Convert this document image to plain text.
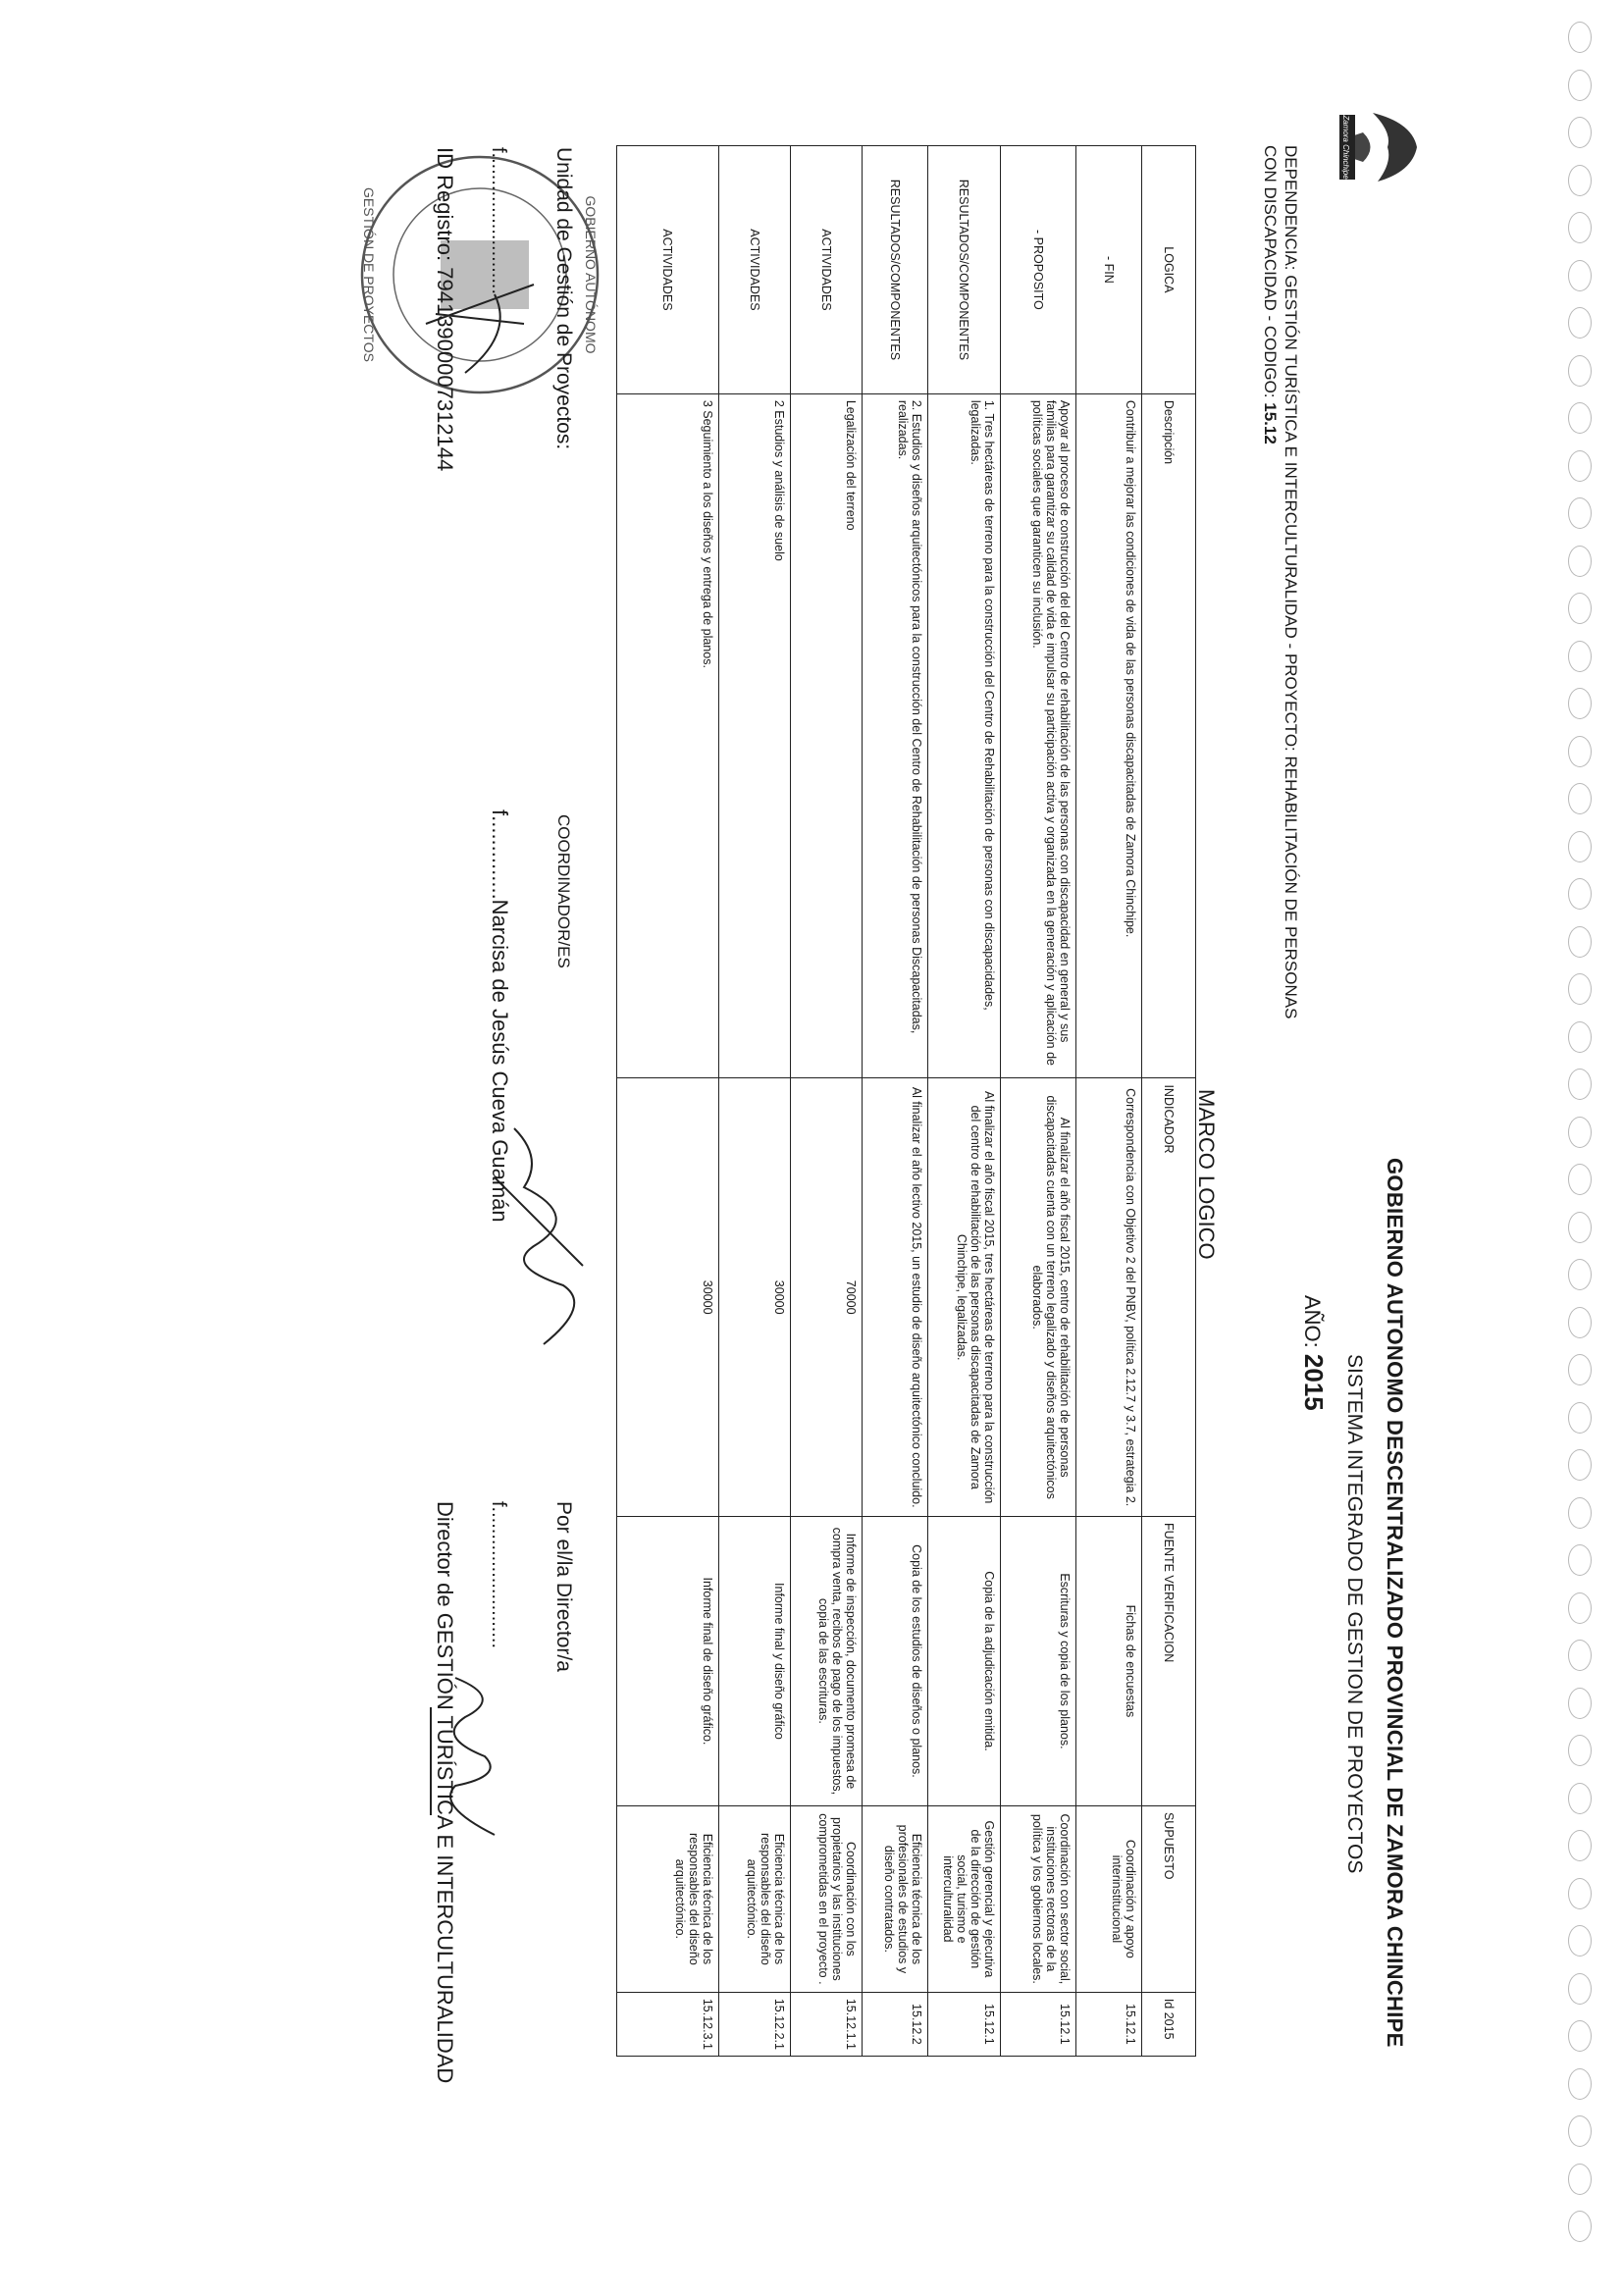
Zamora Chinchipe
GOBIERNO AUTONOMO DESCENTRALIZADO PROVINCIAL DE ZAMORA CHINCHIPE
SISTEMA INTEGRADO DE GESTION DE PROYECTOS
AÑO: 2015
DEPENDENCIA: GESTIÓN TURÍSTICA E INTERCULTURALIDAD - PROYECTO: REHABILITACIÓN DE PERSONAS
CON DISCAPACIDAD - CODIGO: 15.12
MARCO LOGICO
LOGICA	Descripción	INDICADOR	FUENTE VERIFICACION	SUPUESTO	Id 2015
- FIN	Contribuir a mejorar las condiciones de vida de las personas discapacitadas de Zamora Chinchipe.	Correspondencia con Objetivo 2 del PNBV, política 2.12.7 y 3.7, estrategia 2.	Fichas de encuestas	Coordinación y apoyo interinstitucional	15.12.1
- PROPOSITO	Apoyar al proceso de construcción del del Centro de rehabilitación de las personas con discapacidad en general y sus familias para garantizar su calidad de vida e impulsar su participación activa y organizada en la generación y aplicación de políticas sociales que garanticen su inclusión.	Al finalizar el año fiscal 2015, centro de rehabilitación de personas discapacitadas cuenta con un terreno legalizado y diseños arquitectónicos elaborados.	Escrituras y copia de los planos.	Coordinación con sector social, instituciones rectoras de la política y los gobiernos locales.	15.12.1
RESULTADOS/COMPONENTES	1. Tres hectáreas de terreno para la construcción del Centro de Rehabilitación de personas con discapacidades, legalizadas.	Al finalizar el año fiscal 2015, tres hectáreas de terreno para la construcción del centro de rehabilitación de las personas discapacitadas de Zamora Chinchipe, legalizadas.	Copia de la adjudicación emitida.	Gestión gerencial y ejecutiva de la dirección de gestión social, turismo e interculturalidad	15.12.1
RESULTADOS/COMPONENTES	2. Estudios y diseños arquitectónicos para la construcción del Centro de Rehabilitación de personas Discapacitadas, realizadas.	Al finalizar el año lectivo 2015, un estudio de diseño arquitectónico concluido.	Copia de los estudios de diseños o planos.	Eficiencia técnica de los profesionales de estudios y diseño contratados.	15.12.2
ACTIVIDADES	Legalización del terreno	70000	Informe de inspección, documento promesa de compra venta, recibos de pago de los impuestos, copia de las escrituras.	Coordinación con los propietarios y las instituciones comprometidas en el proyecto .	15.12.1.1
ACTIVIDADES	2 Estudios y análisis de suelo	30000	Informe final y diseño gráfico	Eficiencia técnica de los responsables del diseño arquitectónico.	15.12.2.1
ACTIVIDADES	3 Seguimiento a los diseños y entrega de planos.	30000	Informe final de diseño gráfico.	Eficiencia técnica de los responsables del diseño arquitectónico.	15.12.3.1
GOBIERNO AUTÓNOMO
GESTIÓN DE PROYECTOS	Unidad de Gestión de Proyectos:
COORDINADOR/ES
Por el/la Director/a
f..........................
f..............Narcisa de Jesús Cueva Guamán
f..........................
ID Registro: 79413900007312144
Director de GESTIÓN TURÍSTICA E INTERCULTURALIDAD
